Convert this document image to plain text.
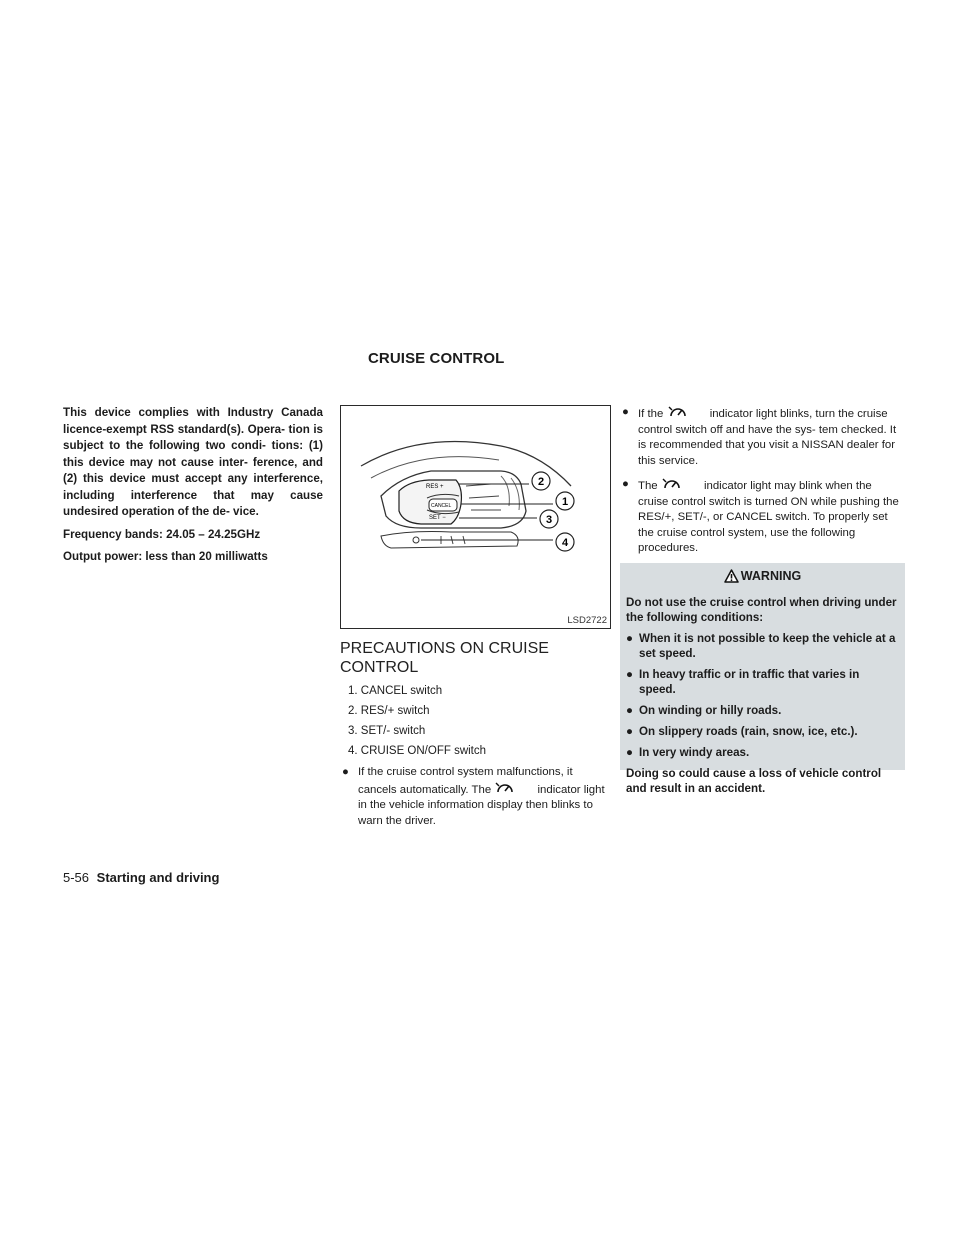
CRUISE CONTROL

This device complies with Industry Canada licence-exempt RSS standard(s). Opera- tion is subject to the following two condi- tions: (1) this device may not cause inter- ference, and (2) this device must accept any interference, including interference that may cause undesired operation of the de- vice.

Frequency bands: 24.05 – 24.25GHz

Output power: less than 20 milliwatts

RES +
CANCEL
SET −
2
1
3
4
LSD2722
PRECAUTIONS ON CRUISE CONTROL
1. CANCEL switch
2. RES/+ switch
3. SET/- switch
4. CRUISE ON/OFF switch

● If the cruise control system malfunctions, it cancels automatically. The	indicator light in the vehicle information display then blinks to warn the driver.

● If the	indicator light blinks, turn the cruise control switch off and have the sys- tem checked. It is recommended that you visit a NISSAN dealer for this service.

● The	indicator light may blink when the cruise control switch is turned ON while pushing the RES/+, SET/-, or CANCEL switch. To properly set the cruise control system, use the following procedures.

WARNING

Do not use the cruise control when driving under the following conditions:

● When it is not possible to keep the vehicle at a set speed.

● In heavy traffic or in traffic that varies in speed.

● On winding or hilly roads.

● On slippery roads (rain, snow, ice, etc.).

● In very windy areas.

Doing so could cause a loss of vehicle control and result in an accident.

5-56 Starting and driving
